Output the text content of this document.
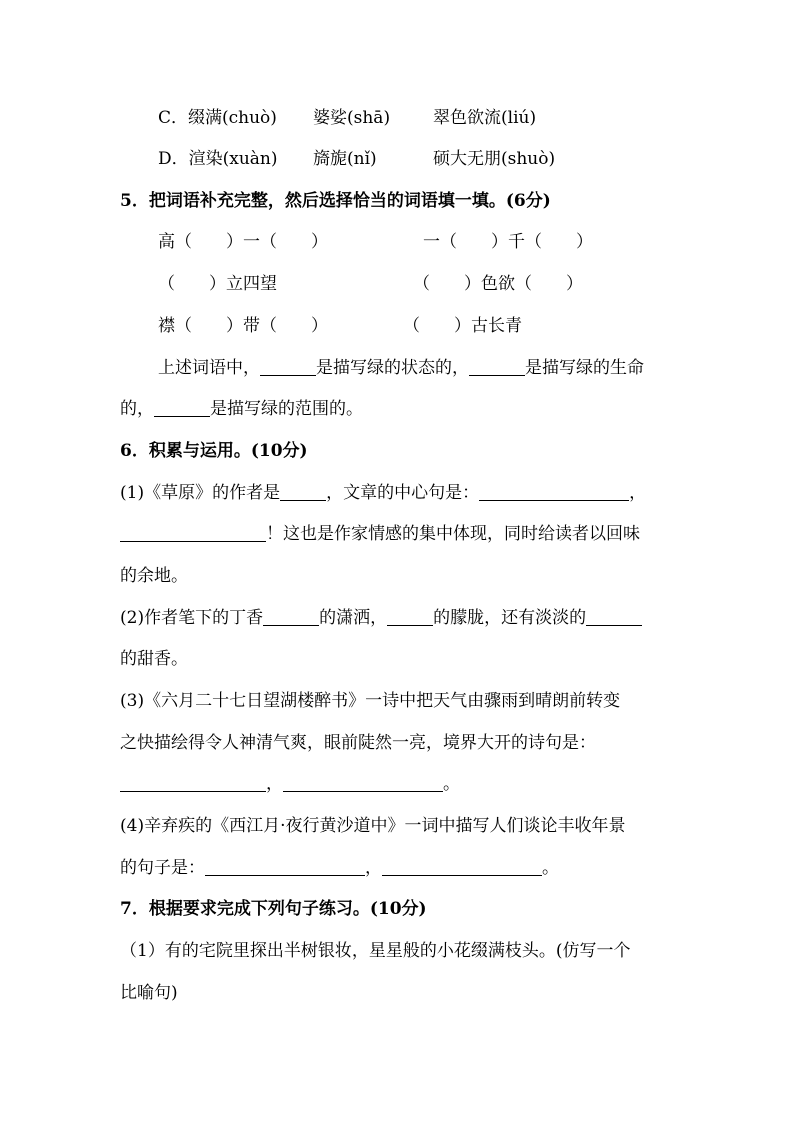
C．缀满(chuò) 婆娑(shā)	翠色欲流(liú)
D．渲染(xuàn) 旖旎(nǐ)	硕大无朋(shuò)
5．把词语补充完整，然后选择恰当的词语填一填。(6分)
高（　　）一（　　）	一（　　）千（　　）
（　　）立四望	（　　）色欲（　　）
襟（　　）带（　　）	（　　）古长青
上述词语中，	是描写绿的状态的，	是描写绿的生命
的，	是描写绿的范围的。
6．积累与运用。(10分)
(1)《草原》的作者是	，文章的中心句是：	，
！这也是作家情感的集中体现，同时给读者以回味
的余地。
(2)作者笔下的丁香	的潇洒，	的朦胧，还有淡淡的
的甜香。
(3)《六月二十七日望湖楼醉书》一诗中把天气由骤雨到晴朗前转变
之快描绘得令人神清气爽，眼前陡然一亮，境界大开的诗句是：
，	。
(4)辛弃疾的《西江月·夜行黄沙道中》一词中描写人们谈论丰收年景
的句子是：	，	。
7．根据要求完成下列句子练习。(10分)
（1）有的宅院里探出半树银妆，星星般的小花缀满枝头。(仿写一个
比喻句)
